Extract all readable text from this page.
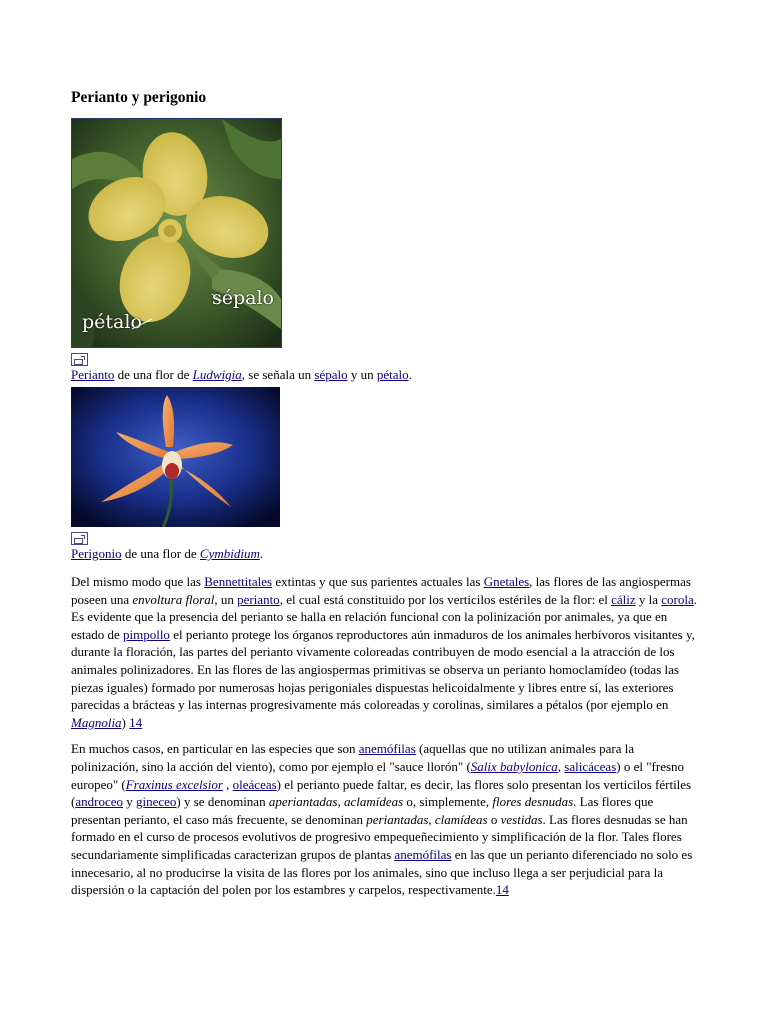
Perianto y perigonio
sépalo
pétalo

Perianto de una flor de Ludwigia, se señala un sépalo y un pétalo.

Perigonio de una flor de Cymbidium.

Del mismo modo que las Bennettitales extintas y que sus parientes actuales las Gnetales, las flores de las angiospermas poseen una envoltura floral, un perianto, el cual está constituido por los verticilos estériles de la flor: el cáliz y la corola. Es evidente que la presencia del perianto se halla en relación funcional con la polinización por animales, ya que en estado de pimpollo el perianto protege los órganos reproductores aún inmaduros de los animales herbívoros visitantes y, durante la floración, las partes del perianto vivamente coloreadas contribuyen de modo esencial a la atracción de los animales polinizadores. En las flores de las angiospermas primitivas se observa un perianto homoclamídeo (todas las piezas iguales) formado por numerosas hojas perigoniales dispuestas helicoidalmente y libres entre sí, las exteriores parecidas a brácteas y las internas progresivamente más coloreadas y corolinas, similares a pétalos (por ejemplo en Magnolia) 14

En muchos casos, en particular en las especies que son anemófilas (aquellas que no utilizan animales para la polinización, sino la acción del viento), como por ejemplo el "sauce llorón" (Salix babylonica, salicáceas) o el "fresno europeo" (Fraxinus excelsior , oleáceas) el perianto puede faltar, es decir, las flores solo presentan los verticilos fértiles (androceo y gineceo) y se denominan aperiantadas, aclamídeas o, simplemente, flores desnudas. Las flores que presentan perianto, el caso más frecuente, se denominan periantadas, clamídeas o vestidas. Las flores desnudas se han formado en el curso de procesos evolutivos de progresivo empequeñecimiento y simplificación de la flor. Tales flores secundariamente simplificadas caracterizan grupos de plantas anemófilas en las que un perianto diferenciado no solo es innecesario, al no producirse la visita de las flores por los animales, sino que incluso llega a ser perjudicial para la dispersión o la captación del polen por los estambres y carpelos, respectivamente.14
